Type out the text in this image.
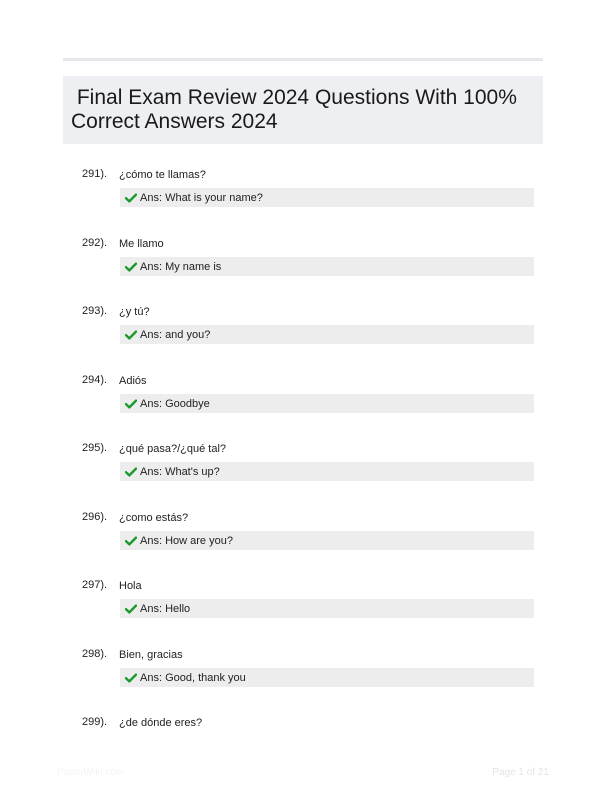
Final Exam Review 2024 Questions With 100%
Correct Answers 2024
291). ¿cómo te llamas?
Ans: What is your name?
292). Me llamo
Ans: My name is
293). ¿y tú?
Ans: and you?
294). Adiós
Ans: Goodbye
295). ¿qué pasa?/¿qué tal?
Ans: What's up?
296). ¿como estás?
Ans: How are you?
297). Hola
Ans: Hello
298). Bien, gracias
Ans: Good, thank you
299). ¿de dónde eres?
PaperWiki.com	Page 1 of 21
